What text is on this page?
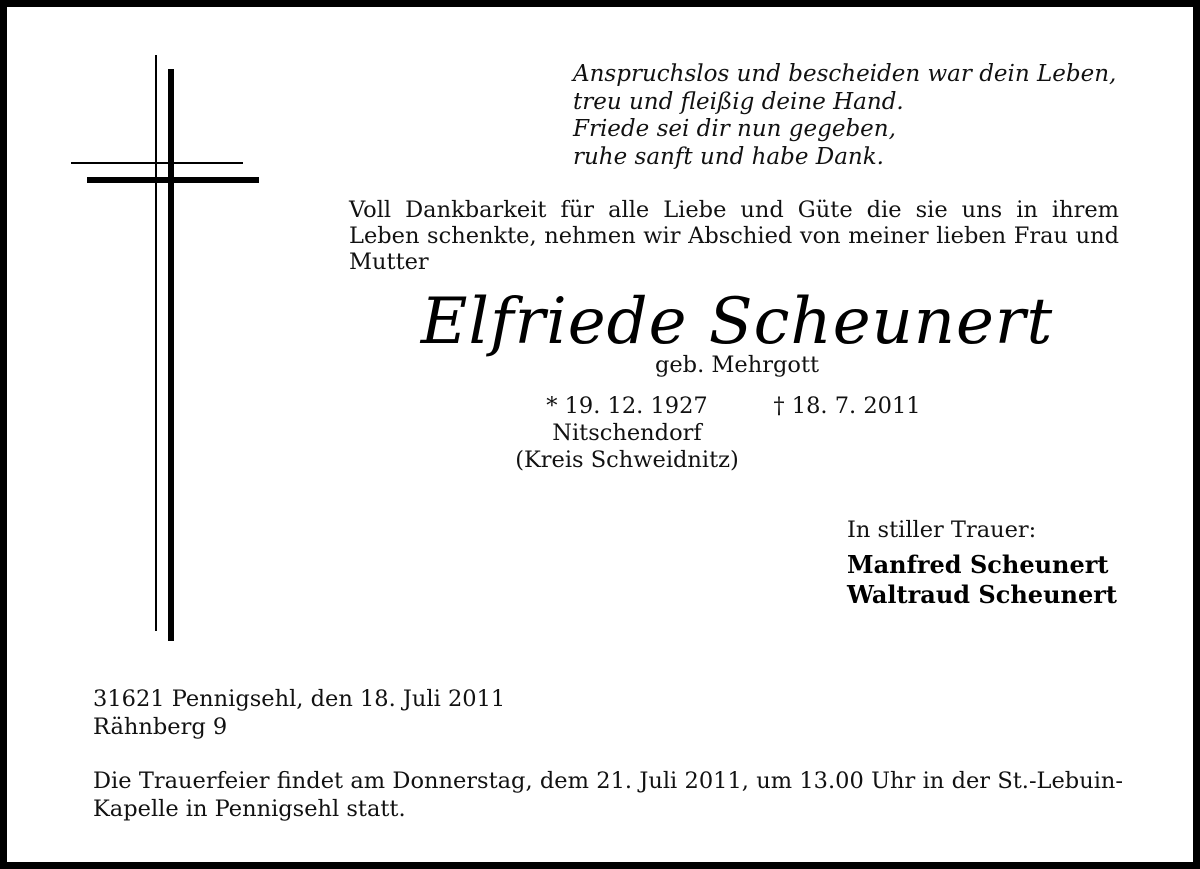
Anspruchslos und bescheiden war dein Leben,
treu und fleißig deine Hand.
Friede sei dir nun gegeben,
ruhe sanft und habe Dank.
Voll Dankbarkeit für alle Liebe und Güte die sie uns in ihrem
Leben schenkte, nehmen wir Abschied von meiner lieben Frau und
Mutter
Elfriede Scheunert
geb. Mehrgott
* 19. 12. 1927
Nitschendorf
(Kreis Schweidnitz)
† 18. 7. 2011
In stiller Trauer:
Manfred Scheunert
Waltraud Scheunert
31621 Pennigsehl, den 18. Juli 2011
Rähnberg 9
Die Trauerfeier findet am Donnerstag, dem 21. Juli 2011, um 13.00 Uhr in der St.-Lebuin-
Kapelle in Pennigsehl statt.
